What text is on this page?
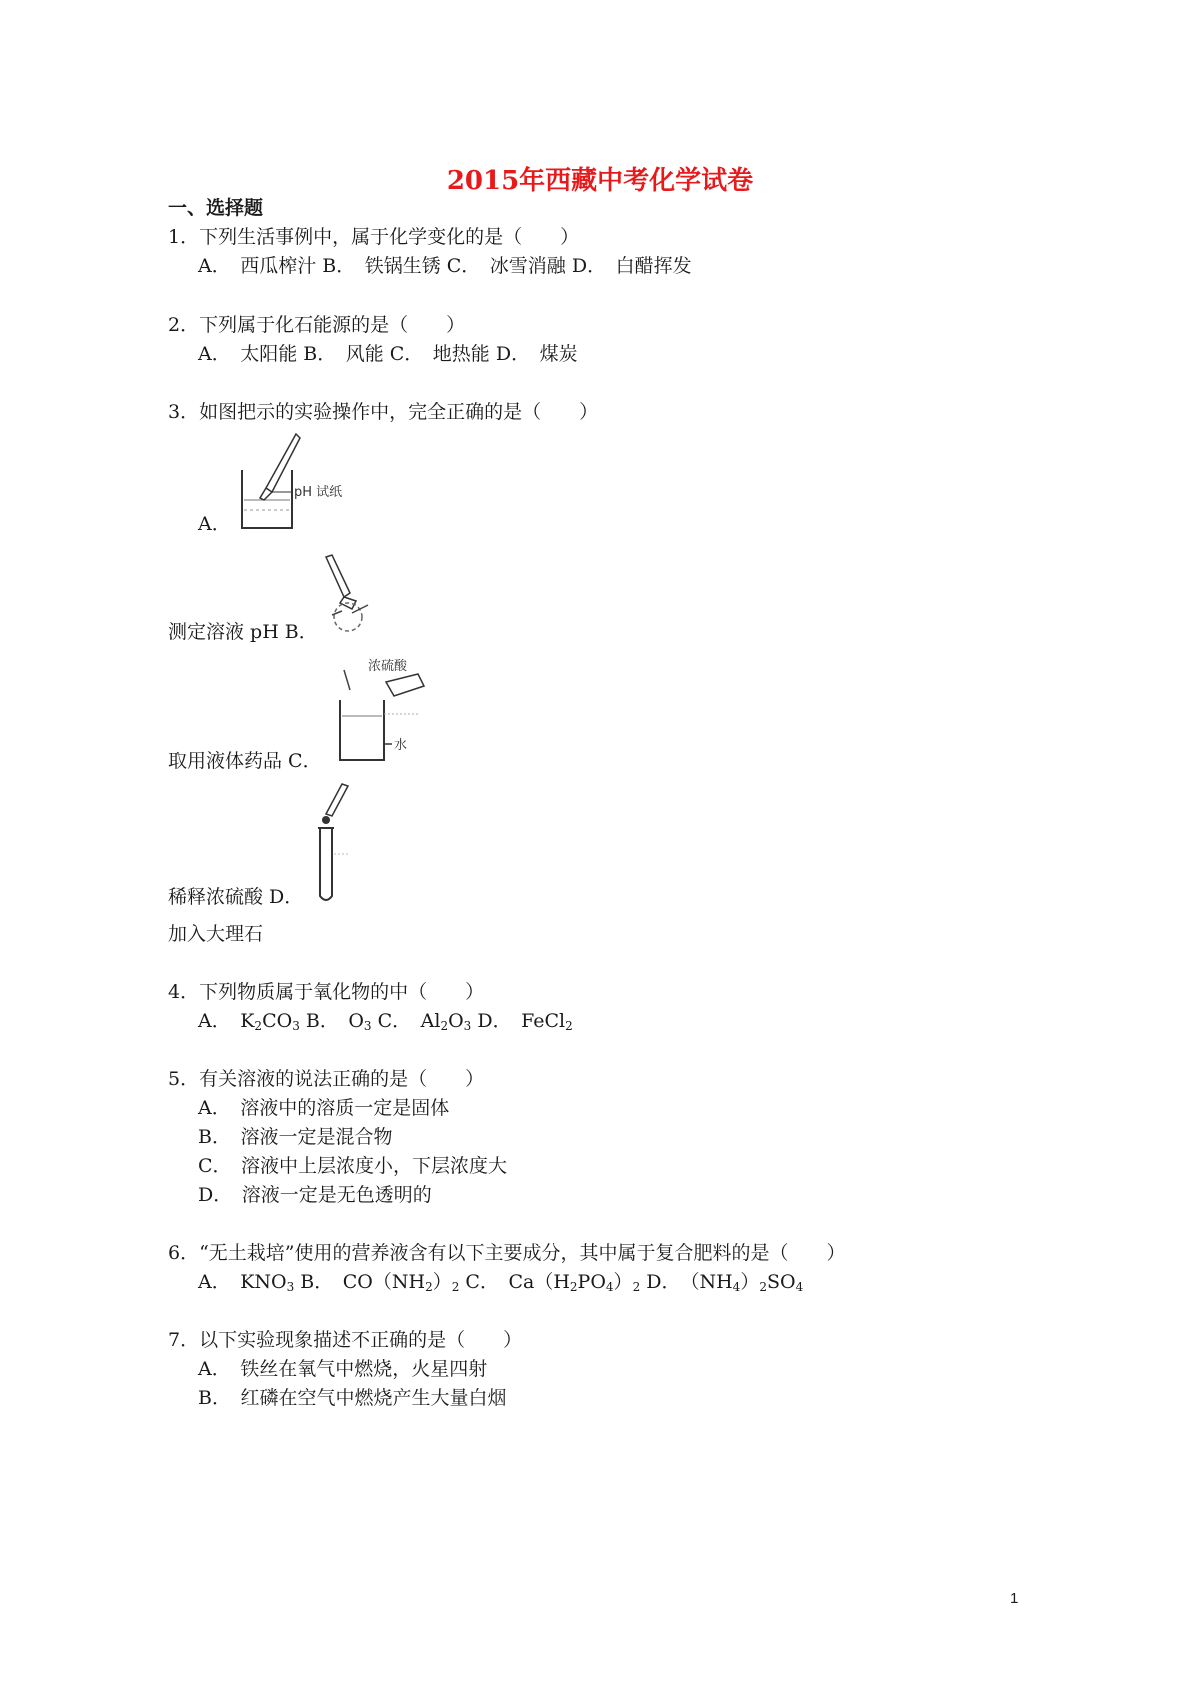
2015年西藏中考化学试卷
一、选择题
1．下列生活事例中，属于化学变化的是（　　）
A．　西瓜榨汁 B．　铁锅生锈 C．　冰雪消融 D．　白醋挥发
2．下列属于化石能源的是（　　）
A．　太阳能 B．　风能 C．　地热能 D．　煤炭
3．如图把示的实验操作中，完全正确的是（　　）
pH 试纸
A．
测定溶液 pH B．
浓硫酸
水
取用液体药品 C．
稀释浓硫酸 D．
加入大理石
4．下列物质属于氧化物的中（　　）
A．　$K_2CO_3$ B．　$O_3$ C．　$Al_2O_3$ D．　FeCl$_2$
5．有关溶液的说法正确的是（　　）
A．　溶液中的溶质一定是固体
B．　溶液一定是混合物
C．　溶液中上层浓度小，下层浓度大
D．　溶液一定是无色透明的
6．“无土栽培”使用的营养液含有以下主要成分，其中属于复合肥料的是（　　）
A．　$KNO_3$ B．　$CO(NH_2)_2$ C．　$Ca(H_2PO_4)_2$ D．　$(NH_4)_2SO_4$
7．以下实验现象描述不正确的是（　　）
A．　铁丝在氧气中燃烧，火星四射
B．　红磷在空气中燃烧产生大量白烟
1
